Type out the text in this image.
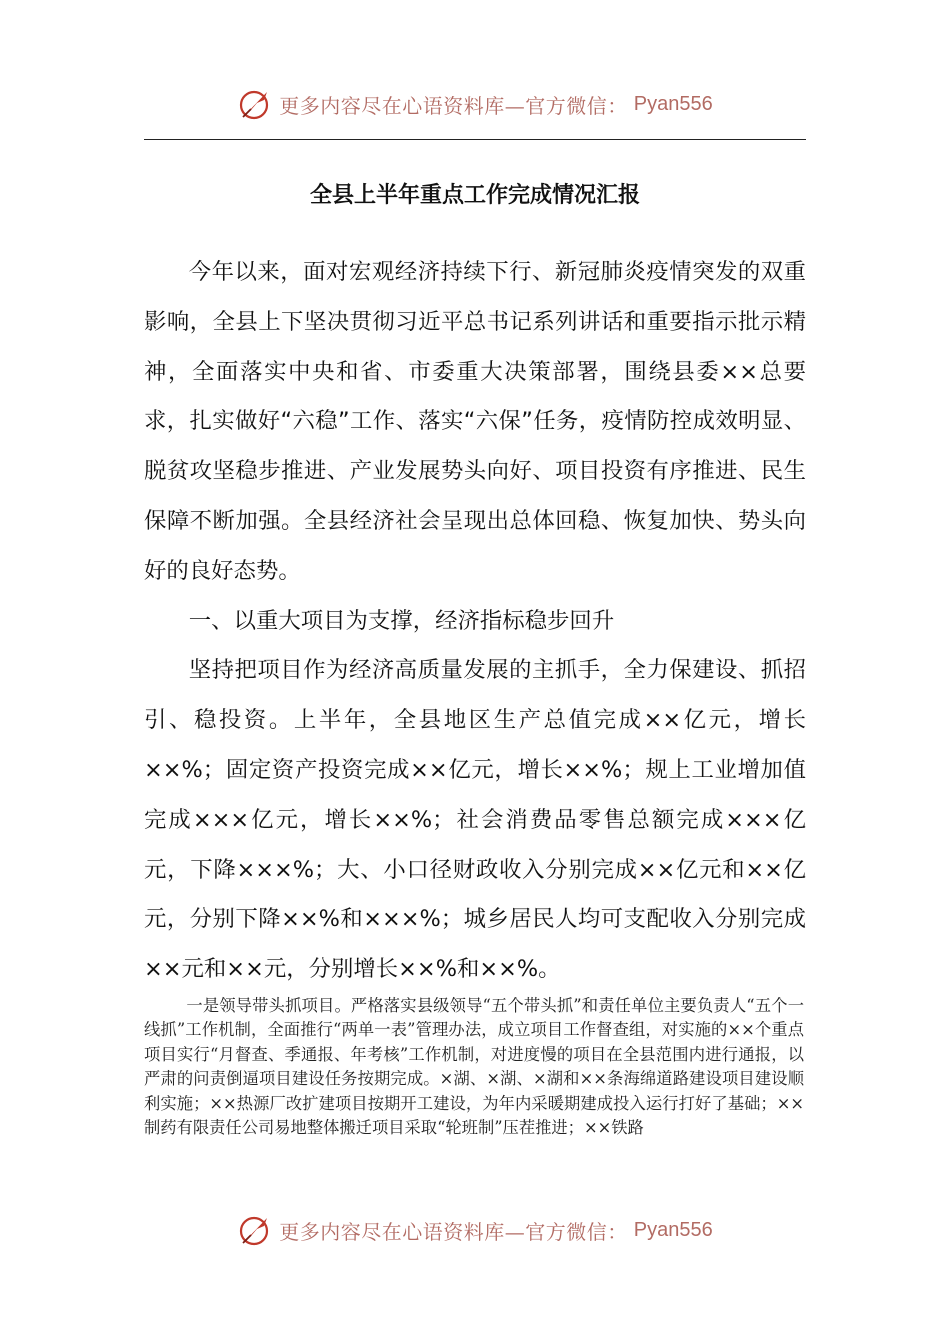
更多内容尽在心语资料库—官方微信： Pyan556
全县上半年重点工作完成情况汇报

今年以来，面对宏观经济持续下行、新冠肺炎疫情突发的双重影响，全县上下坚决贯彻习近平总书记系列讲话和重要指示批示精神，全面落实中央和省、市委重大决策部署，围绕县委××总要求，扎实做好“六稳”工作、落实“六保”任务，疫情防控成效明显、脱贫攻坚稳步推进、产业发展势头向好、项目投资有序推进、民生保障不断加强。全县经济社会呈现出总体回稳、恢复加快、势头向好的良好态势。

一、以重大项目为支撑，经济指标稳步回升

坚持把项目作为经济高质量发展的主抓手，全力保建设、抓招引、稳投资。上半年，全县地区生产总值完成××亿元，增长××%；固定资产投资完成××亿元，增长××%；规上工业增加值完成×××亿元，增长××%；社会消费品零售总额完成×××亿元，下降×××%；大、小口径财政收入分别完成××亿元和××亿元，分别下降××%和×××%；城乡居民人均可支配收入分别完成××元和××元，分别增长××%和××%。

一是领导带头抓项目。严格落实县级领导“五个带头抓”和责任单位主要负责人“五个一线抓”工作机制，全面推行“两单一表”管理办法，成立项目工作督查组，对实施的××个重点项目实行“月督查、季通报、年考核”工作机制，对进度慢的项目在全县范围内进行通报，以严肃的问责倒逼项目建设任务按期完成。×湖、×湖、×湖和××条海绵道路建设项目建设顺利实施；××热源厂改扩建项目按期开工建设，为年内采暖期建成投入运行打好了基础；××制药有限责任公司易地整体搬迁项目采取“轮班制”压茬推进；××铁路

更多内容尽在心语资料库—官方微信： Pyan556
